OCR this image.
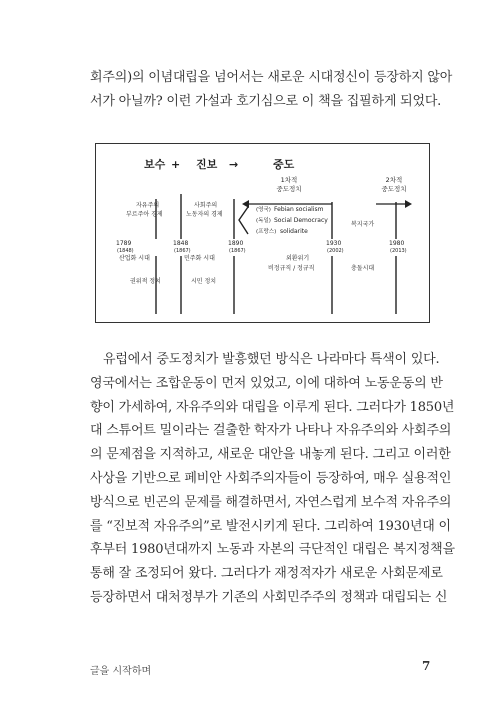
회주의)의 이념대립을 넘어서는 새로운 시대정신이 등장하지 않아
서가 아닐까? 이런 가설과 호기심으로 이 책을 집필하게 되었다.
보수 + 진보 →	중도
1차적
중도정치
2차적
중도정치
자유주의
부르주아 경제
사회주의
노동자의 경제
(영국) Febian socialism
(독일) Social Democracy
(프랑스) solidarite
복지국가
1789
(1848)
1848
(1867)
1890
(1867)
1930
(2002)
1980
(2013)
산업화 시대	민주화 시대	외환위기
비정규직 / 정규직	충돌시대
권위적 정치	시민 정치
유럽에서 중도정치가 발흥했던 방식은 나라마다 특색이 있다.
영국에서는 조합운동이 먼저 있었고, 이에 대하여 노동운동의 반
향이 가세하여, 자유주의와 대립을 이루게 된다. 그러다가 1850년
대 스튜어트 밀이라는 걸출한 학자가 나타나 자유주의와 사회주의
의 문제점을 지적하고, 새로운 대안을 내놓게 된다. 그리고 이러한
사상을 기반으로 페비안 사회주의자들이 등장하여, 매우 실용적인
방식으로 빈곤의 문제를 해결하면서, 자연스럽게 보수적 자유주의
를 “진보적 자유주의”로 발전시키게 된다. 그리하여 1930년대 이
후부터 1980년대까지 노동과 자본의 극단적인 대립은 복지정책을
통해 잘 조정되어 왔다. 그러다가 재정적자가 새로운 사회문제로
등장하면서 대처정부가 기존의 사회민주주의 정책과 대립되는 신
글을 시작하며	7
